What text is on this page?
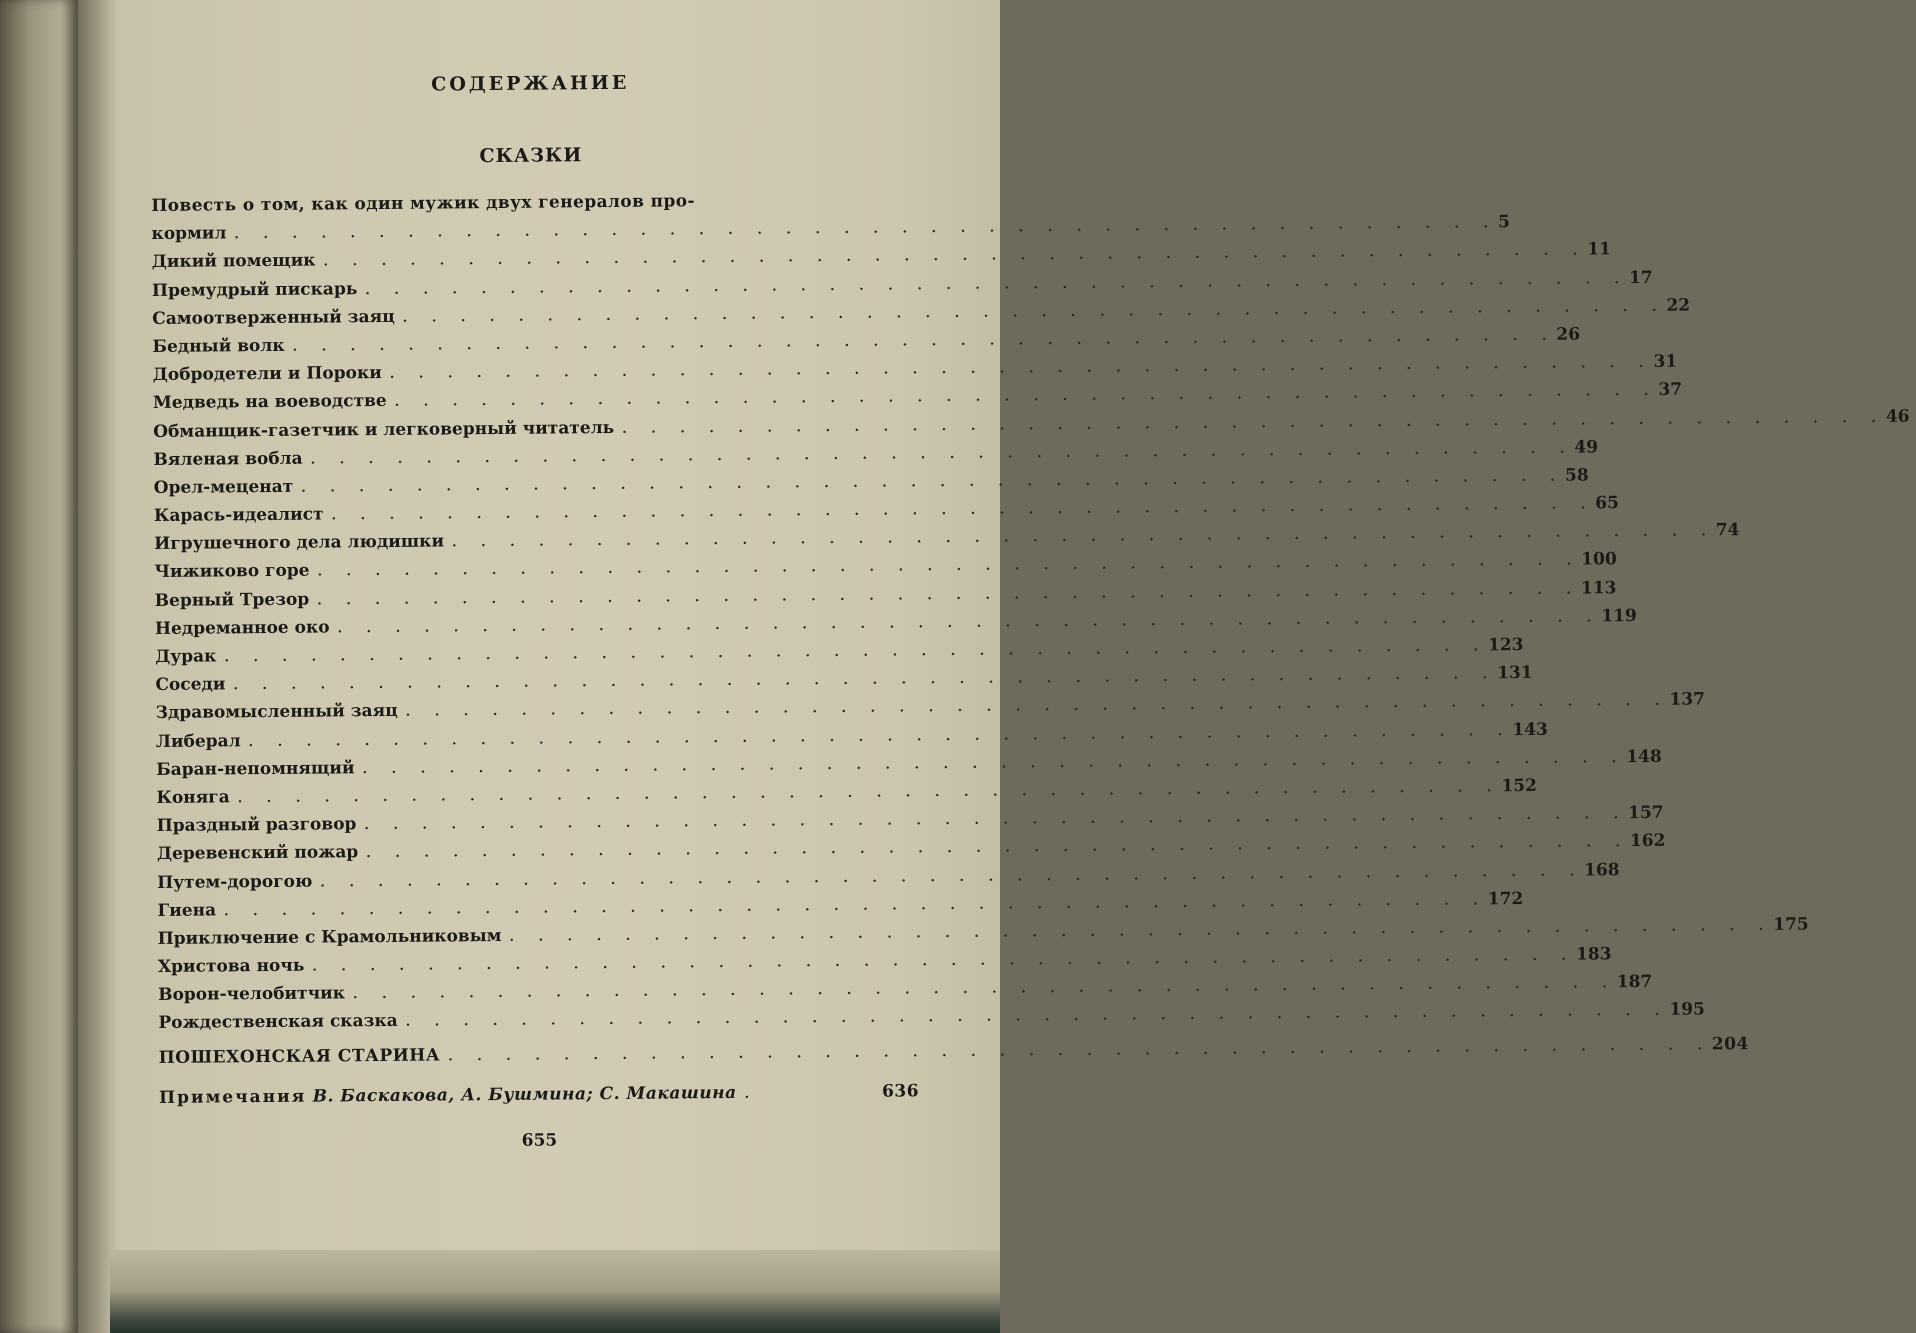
СОДЕРЖАНИЕ
СКАЗКИ
Повесть о том, как один мужик двух генералов про-
кормил . . . . . . . . . . . . . . . . . . . . . . . . . . . . . . . . . . . . . . . . . . . . 5
Дикий помещик . . . . . . . . . . . . . . . . . . . . . . . . . . . . . . . . . . . . . . . . . . . . 11
Премудрый пискарь . . . . . . . . . . . . . . . . . . . . . . . . . . . . . . . . . . . . . . . . . . . . 17
Самоотверженный заяц . . . . . . . . . . . . . . . . . . . . . . . . . . . . . . . . . . . . . . . . . . . . 22
Бедный волк . . . . . . . . . . . . . . . . . . . . . . . . . . . . . . . . . . . . . . . . . . . . 26
Добродетели и Пороки . . . . . . . . . . . . . . . . . . . . . . . . . . . . . . . . . . . . . . . . . . . . 31
Медведь на воеводстве . . . . . . . . . . . . . . . . . . . . . . . . . . . . . . . . . . . . . . . . . . . . 37
Обманщик-газетчик и легковерный читатель . . . . . . . . . . . . . . . . . . . . . . . . . . . . . . . . . . . . . . . . . . . . 46
Вяленая вобла . . . . . . . . . . . . . . . . . . . . . . . . . . . . . . . . . . . . . . . . . . . . 49
Орел-меценат . . . . . . . . . . . . . . . . . . . . . . . . . . . . . . . . . . . . . . . . . . . . 58
Карась-идеалист . . . . . . . . . . . . . . . . . . . . . . . . . . . . . . . . . . . . . . . . . . . . 65
Игрушечного дела людишки . . . . . . . . . . . . . . . . . . . . . . . . . . . . . . . . . . . . . . . . . . . . 74
Чижиково горе . . . . . . . . . . . . . . . . . . . . . . . . . . . . . . . . . . . . . . . . . . . . 100
Верный Трезор . . . . . . . . . . . . . . . . . . . . . . . . . . . . . . . . . . . . . . . . . . . . 113
Недреманное око . . . . . . . . . . . . . . . . . . . . . . . . . . . . . . . . . . . . . . . . . . . . 119
Дурак . . . . . . . . . . . . . . . . . . . . . . . . . . . . . . . . . . . . . . . . . . . . 123
Соседи . . . . . . . . . . . . . . . . . . . . . . . . . . . . . . . . . . . . . . . . . . . . 131
Здравомысленный заяц . . . . . . . . . . . . . . . . . . . . . . . . . . . . . . . . . . . . . . . . . . . . 137
Либерал . . . . . . . . . . . . . . . . . . . . . . . . . . . . . . . . . . . . . . . . . . . . 143
Баран-непомнящий . . . . . . . . . . . . . . . . . . . . . . . . . . . . . . . . . . . . . . . . . . . . 148
Коняга . . . . . . . . . . . . . . . . . . . . . . . . . . . . . . . . . . . . . . . . . . . . 152
Праздный разговор . . . . . . . . . . . . . . . . . . . . . . . . . . . . . . . . . . . . . . . . . . . . 157
Деревенский пожар . . . . . . . . . . . . . . . . . . . . . . . . . . . . . . . . . . . . . . . . . . . . 162
Путем-дорогою . . . . . . . . . . . . . . . . . . . . . . . . . . . . . . . . . . . . . . . . . . . . 168
Гиена . . . . . . . . . . . . . . . . . . . . . . . . . . . . . . . . . . . . . . . . . . . . 172
Приключение с Крамольниковым . . . . . . . . . . . . . . . . . . . . . . . . . . . . . . . . . . . . . . . . . . . . 175
Христова ночь . . . . . . . . . . . . . . . . . . . . . . . . . . . . . . . . . . . . . . . . . . . . 183
Ворон-челобитчик . . . . . . . . . . . . . . . . . . . . . . . . . . . . . . . . . . . . . . . . . . . . 187
Рождественская сказка . . . . . . . . . . . . . . . . . . . . . . . . . . . . . . . . . . . . . . . . . . . . 195
ПОШЕХОНСКАЯ СТАРИНА . . . . . . . . . . . . . . . . . . . . . . . . . . . . . . . . . . . . . . . . . . . . 204
Примечания В. Баскакова, А. Бушмина; С. Макашина .	636
655
